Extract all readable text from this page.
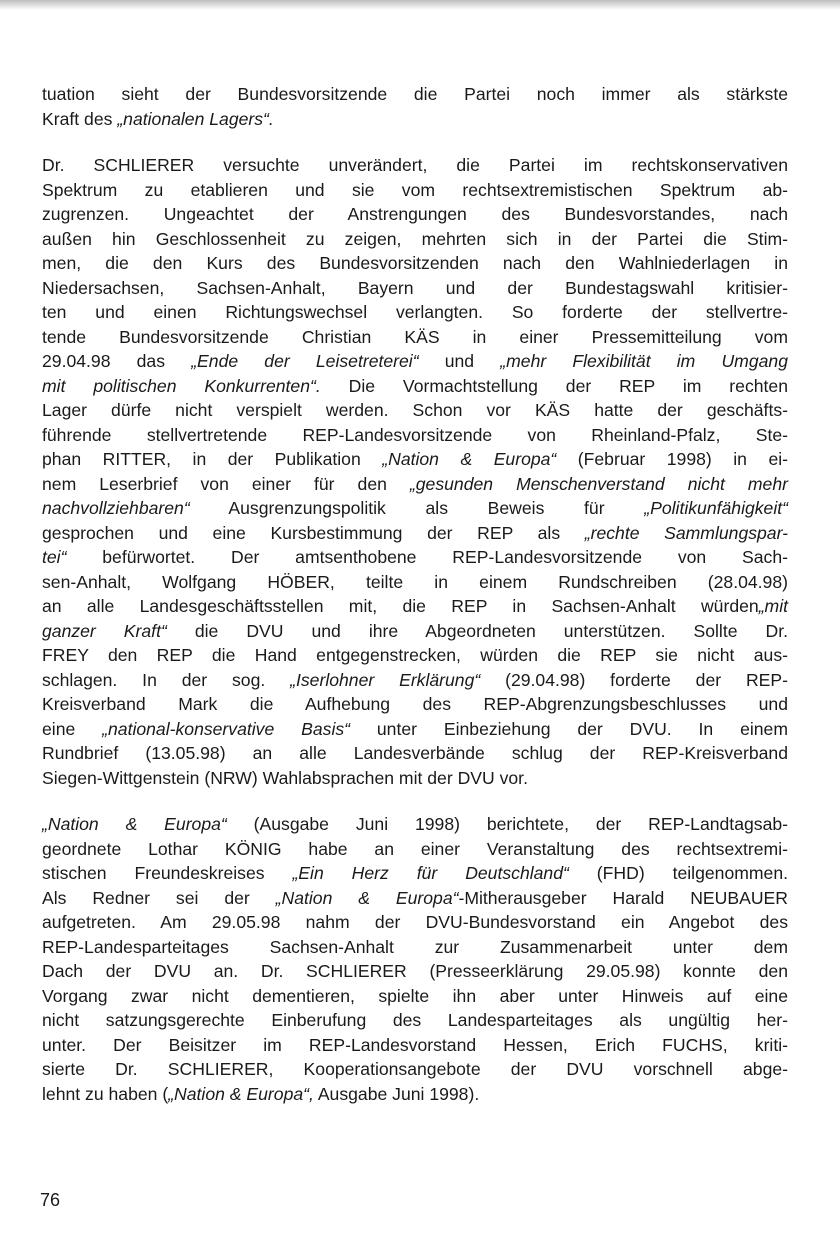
tuation sieht der Bundesvorsitzende die Partei noch immer als stärkste
Kraft des „nationalen Lagers“.
Dr. SCHLIERER versuchte unverändert, die Partei im rechtskonservativen
Spektrum zu etablieren und sie vom rechtsextremistischen Spektrum ab-
zugrenzen. Ungeachtet der Anstrengungen des Bundesvorstandes, nach
außen hin Geschlossenheit zu zeigen, mehrten sich in der Partei die Stim-
men, die den Kurs des Bundesvorsitzenden nach den Wahlniederlagen in
Niedersachsen, Sachsen-Anhalt, Bayern und der Bundestagswahl kritisier-
ten und einen Richtungswechsel verlangten. So forderte der stellvertre-
tende Bundesvorsitzende Christian KÄS in einer Pressemitteilung vom
29.04.98 das „Ende der Leisetreterei“ und „mehr Flexibilität im Umgang
mit politischen Konkurrenten“. Die Vormachtstellung der REP im rechten
Lager dürfe nicht verspielt werden. Schon vor KÄS hatte der geschäfts-
führende stellvertretende REP-Landesvorsitzende von Rheinland-Pfalz, Ste-
phan RITTER, in der Publikation „Nation & Europa“ (Februar 1998) in ei-
nem Leserbrief von einer für den „gesunden Menschenverstand nicht mehr
nachvollziehbaren“ Ausgrenzungspolitik als Beweis für „Politikunfähigkeit“
gesprochen und eine Kursbestimmung der REP als „rechte Sammlungspar-
tei“ befürwortet. Der amtsenthobene REP-Landesvorsitzende von Sach-
sen-Anhalt, Wolfgang HÖBER, teilte in einem Rundschreiben (28.04.98)
an alle Landesgeschäftsstellen mit, die REP in Sachsen-Anhalt würden„mit
ganzer Kraft“ die DVU und ihre Abgeordneten unterstützen. Sollte Dr.
FREY den REP die Hand entgegenstrecken, würden die REP sie nicht aus-
schlagen. In der sog. „Iserlohner Erklärung“ (29.04.98) forderte der REP-
Kreisverband Mark die Aufhebung des REP-Abgrenzungsbeschlusses und
eine „national-konservative Basis“ unter Einbeziehung der DVU. In einem
Rundbrief (13.05.98) an alle Landesverbände schlug der REP-Kreisverband
Siegen-Wittgenstein (NRW) Wahlabsprachen mit der DVU vor.
„Nation & Europa“ (Ausgabe Juni 1998) berichtete, der REP-Landtagsab-
geordnete Lothar KÖNIG habe an einer Veranstaltung des rechtsextremi-
stischen Freundeskreises „Ein Herz für Deutschland“ (FHD) teilgenommen.
Als Redner sei der „Nation & Europa“-Mitherausgeber Harald NEUBAUER
aufgetreten. Am 29.05.98 nahm der DVU-Bundesvorstand ein Angebot des
REP-Landesparteitages Sachsen-Anhalt zur Zusammenarbeit unter dem
Dach der DVU an. Dr. SCHLIERER (Presseerklärung 29.05.98) konnte den
Vorgang zwar nicht dementieren, spielte ihn aber unter Hinweis auf eine
nicht satzungsgerechte Einberufung des Landesparteitages als ungültig her-
unter. Der Beisitzer im REP-Landesvorstand Hessen, Erich FUCHS, kriti-
sierte Dr. SCHLIERER, Kooperationsangebote der DVU vorschnell abge-
lehnt zu haben („Nation & Europa“, Ausgabe Juni 1998).
76
